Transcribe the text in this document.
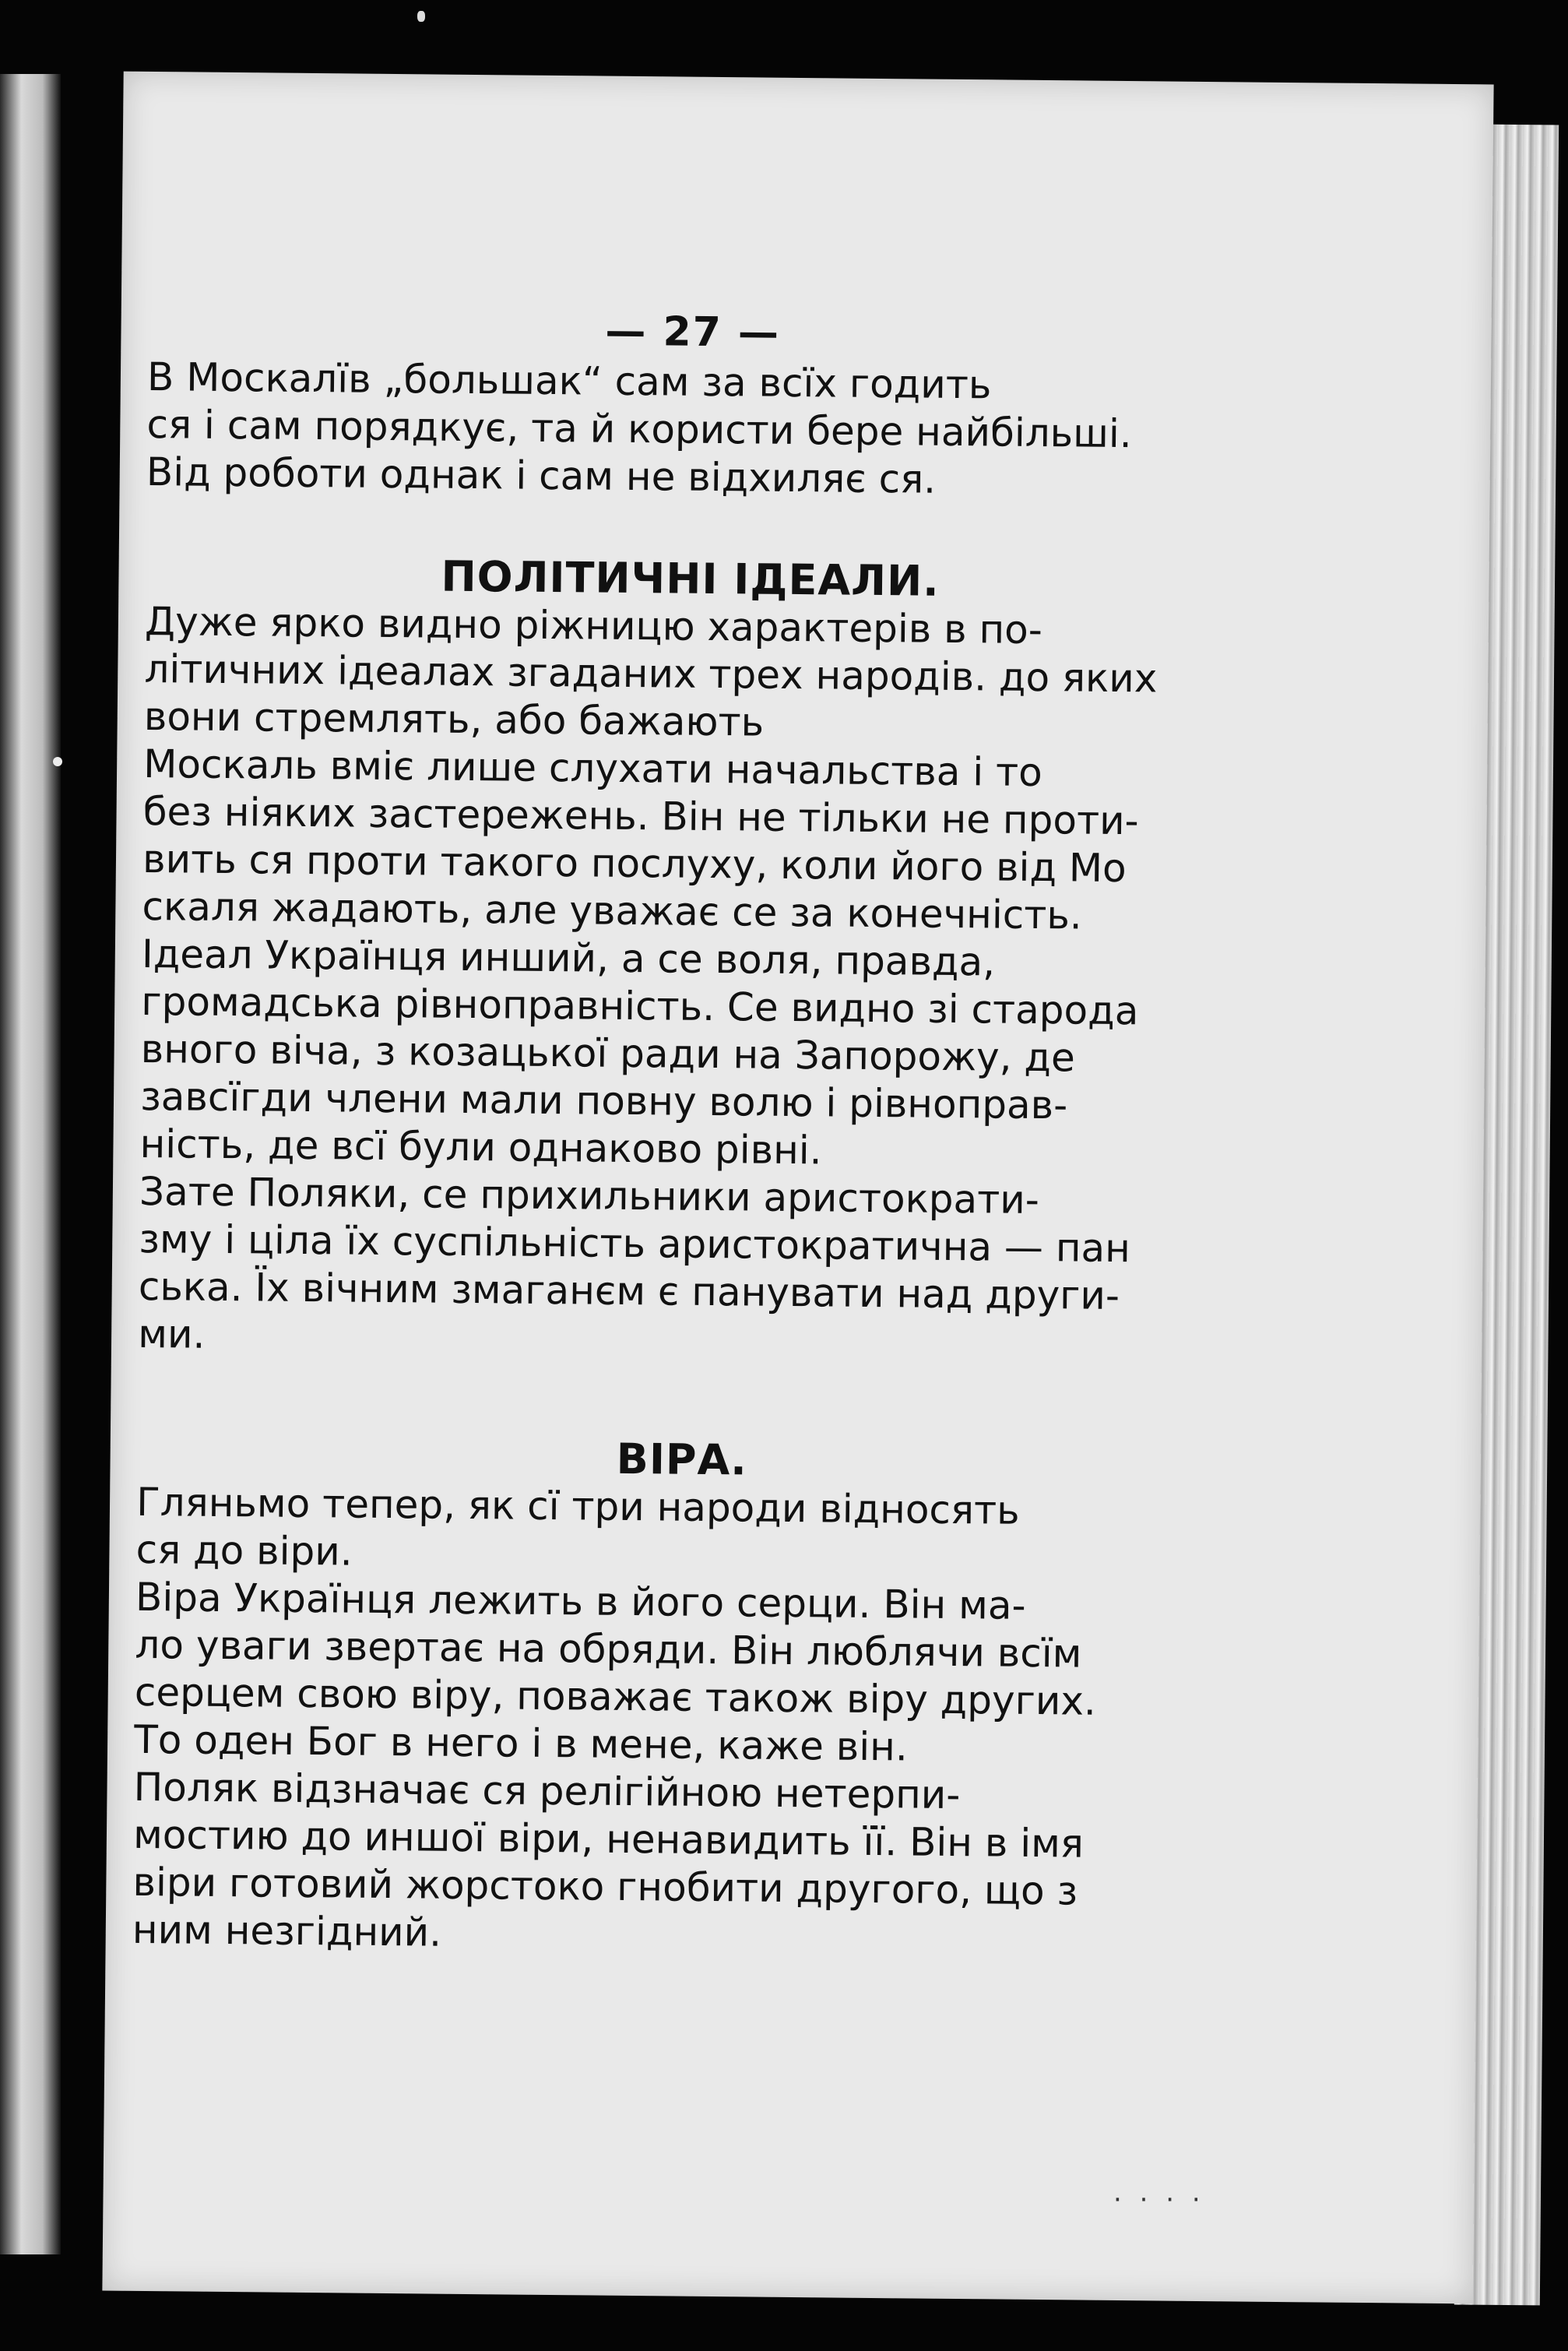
— 27 —

В Москалїв „большак“ сам за всїх годить
ся і сам порядкує, та й користи бере найбільші.
Від роботи однак і сам не відхиляє ся.

ПОЛІТИЧНІ ІДЕАЛИ.

Дуже ярко видно ріжницю характерів в по-
літичних ідеалах згаданих трех народів. до яких
вони стремлять, або бажають

Москаль вміє лише слухати начальства і то
без ніяких застережень. Він не тільки не проти-
вить ся проти такого послуху, коли його від Мо
скаля жадають, але уважає се за конечність.

Ідеал Українця инший, а се воля, правда,
громадська рівноправність. Се видно зі старода
вного віча, з козацької ради на Запорожу, де
завсїгди члени мали повну волю і рівноправ-
ність, де всї були однаково рівні.

Зате Поляки, се прихильники аристократи-
зму і ціла їх суспільність аристократична — пан
ська. Їх вічним змаганєм є панувати над други-
ми.

ВІРА.

Гляньмо тепер, як сї три народи відносять
ся до віри.

Віра Українця лежить в його серци. Він ма-
ло уваги звертає на обряди. Він люблячи всїм
серцем свою віру, поважає також віру других.
То оден Бог в него і в мене, каже він.

Поляк відзначає ся релігійною нетерпи-
мостию до иншої віри, ненавидить її. Він в імя
віри готовий жорстоко гнобити другого, що з
ним незгідний.

· · · ·
